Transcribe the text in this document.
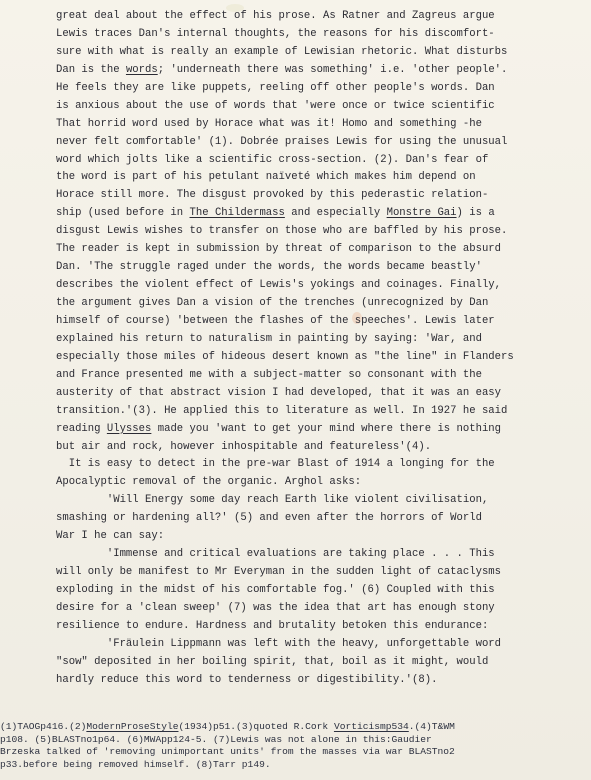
great deal about the effect of his prose. As Ratner and Zagreus argue
Lewis traces Dan's internal thoughts, the reasons for his discomfort-
sure with what is really an example of Lewisian rhetoric. What disturbs
Dan is the words; 'underneath there was something' i.e. 'other people'.
He feels they are like puppets, reeling off other people's words. Dan
is anxious about the use of words that 'were once or twice scientific
That horrid word used by Horace what was it! Homo and something -he
never felt comfortable' (1). Dobrée praises Lewis for using the unusual
word which jolts like a scientific cross-section. (2). Dan's fear of
the word is part of his petulant naïveté which makes him depend on
Horace still more. The disgust provoked by this pederastic relation-
ship (used before in The Childermass and especially Monstre Gai) is a
disgust Lewis wishes to transfer on those who are baffled by his prose.
The reader is kept in submission by threat of comparison to the absurd
Dan. 'The struggle raged under the words, the words became beastly'
describes the violent effect of Lewis's yokings and coinages. Finally,
the argument gives Dan a vision of the trenches (unrecognized by Dan
himself of course) 'between the flashes of the speeches'. Lewis later
explained his return to naturalism in painting by saying: 'War, and
especially those miles of hideous desert known as "the line" in Flanders
and France presented me with a subject-matter so consonant with the
austerity of that abstract vision I had developed, that it was an easy
transition.'(3). He applied this to literature as well. In 1927 he said
reading Ulysses made you 'want to get your mind where there is nothing
but air and rock, however inhospitable and featureless'(4).
It is easy to detect in the pre-war Blast of 1914 a longing for the
Apocalyptic removal of the organic. Arghol asks:
'Will Energy some day reach Earth like violent civilisation,
smashing or hardening all?' (5) and even after the horrors of World
War I he can say:
'Immense and critical evaluations are taking place . . . This
will only be manifest to Mr Everyman in the sudden light of cataclysms
exploding in the midst of his comfortable fog.' (6) Coupled with this
desire for a 'clean sweep' (7) was the idea that art has enough stony
resilience to endure. Hardness and brutality betoken this endurance:
'Fräulein Lippmann was left with the heavy, unforgettable word
"sow" deposited in her boiling spirit, that, boil as it might, would
hardly reduce this word to tenderness or digestibility.'(8).
(1)TAOGp416.(2)ModernProseStyle(1934)p51.(3)quoted R.Cork Vorticismp534.(4)T&WM
p108. (5)BLASTno1p64. (6)MWApp124-5. (7)Lewis was not alone in this:Gaudier
Brzeska talked of 'removing unimportant units' from the masses via war BLASTno2
p33.before being removed himself. (8)Tarr p149.
